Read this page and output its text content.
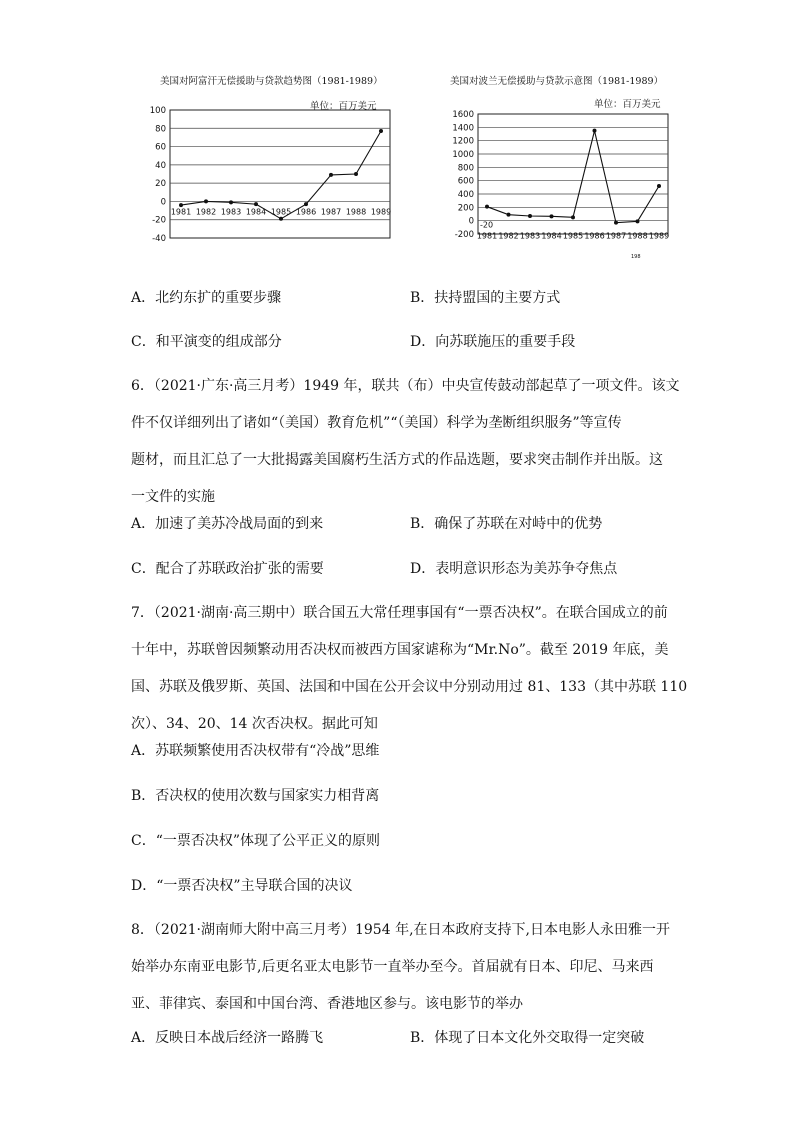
美国对阿富汗无偿援助与贷款趋势图（1981-1989）
单位：百万美元
100
80
60
40
20
0
-20
-40
1981 1982 1983 1984 1985 1986 1987 1988 1989
美国对波兰无偿援助与贷款示意图（1981-1989）
单位：百万美元
1600
1400
1200
1000
800
600
400
200
0
-200 1981 1982 1983 1984 1985 1986 1987 1988 1989
-20
198
A．北约东扩的重要步骤	B．扶持盟国的主要方式
C．和平演变的组成部分	D．向苏联施压的重要手段
6．（2021·广东·高三月考）1949 年，联共（布）中央宣传鼓动部起草了一项文件。该文
件不仅详细列出了诸如“（美国）教育危机”“（美国）科学为垄断组织服务”等宣传
题材，而且汇总了一大批揭露美国腐朽生活方式的作品选题，要求突击制作并出版。这
一文件的实施
A．加速了美苏冷战局面的到来	B．确保了苏联在对峙中的优势
C．配合了苏联政治扩张的需要	D．表明意识形态为美苏争夺焦点
7．（2021·湖南·高三期中）联合国五大常任理事国有“一票否决权”。在联合国成立的前
十年中，苏联曾因频繁动用否决权而被西方国家谑称为“Mr.No”。截至 2019 年底，美
国、苏联及俄罗斯、英国、法国和中国在公开会议中分别动用过 81、133（其中苏联 110
次）、34、20、14 次否决权。据此可知
A．苏联频繁使用否决权带有“冷战”思维
B．否决权的使用次数与国家实力相背离
C．“一票否决权”体现了公平正义的原则
D．“一票否决权”主导联合国的决议
8．（2021·湖南师大附中高三月考）1954 年,在日本政府支持下,日本电影人永田雅一开
始举办东南亚电影节,后更名亚太电影节一直举办至今。首届就有日本、印尼、马来西
亚、菲律宾、泰国和中国台湾、香港地区参与。该电影节的举办
A．反映日本战后经济一路腾飞	B．体现了日本文化外交取得一定突破
